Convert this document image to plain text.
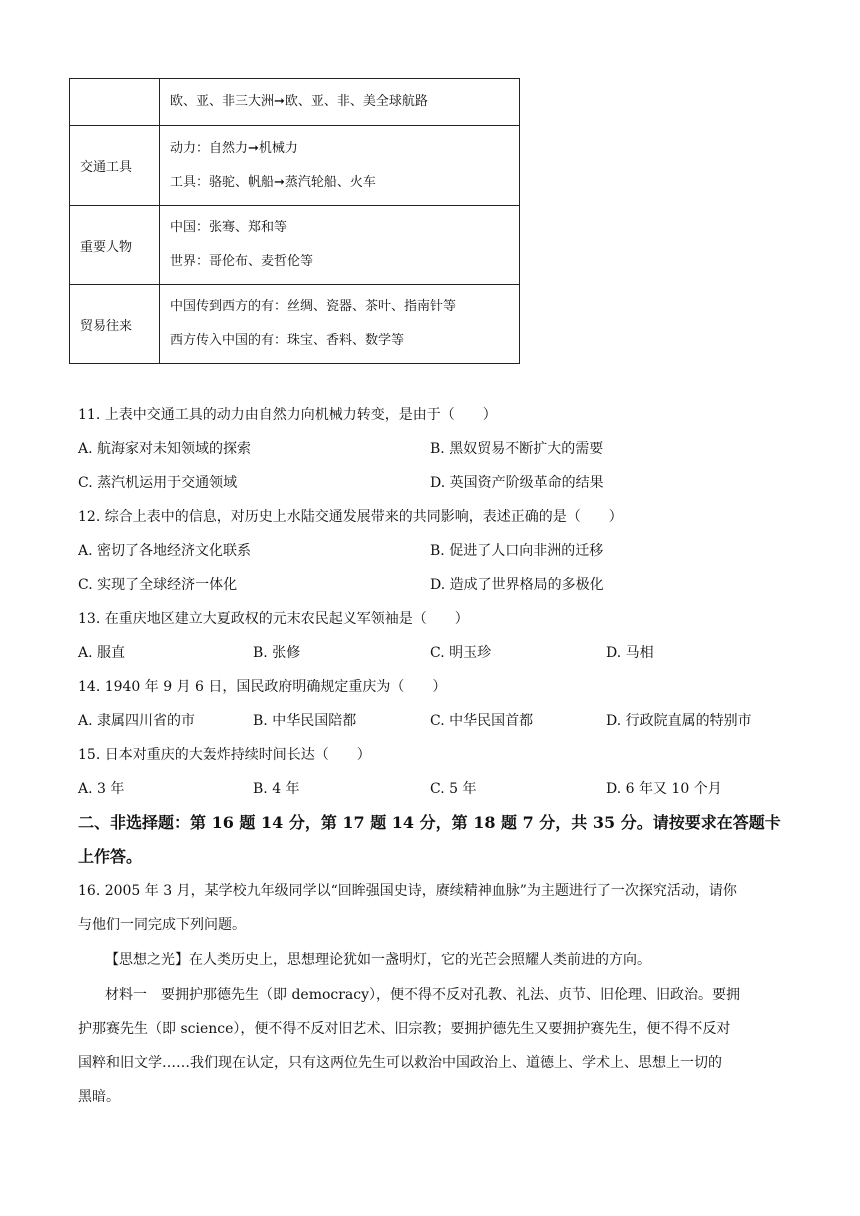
	欧、亚、非三大洲➞欧、亚、非、美全球航路

交通工具	动力：自然力➞机械力
工具：骆驼、帆船➞蒸汽轮船、火车

重要人物	中国：张骞、郑和等
世界：哥伦布、麦哲伦等

贸易往来	中国传到西方的有：丝绸、瓷器、茶叶、指南针等
西方传入中国的有：珠宝、香料、数学等
11. 上表中交通工具的动力由自然力向机械力转变，是由于（　　）
A. 航海家对未知领域的探索	B. 黑奴贸易不断扩大的需要
C. 蒸汽机运用于交通领域	D. 英国资产阶级革命的结果
12. 综合上表中的信息，对历史上水陆交通发展带来的共同影响，表述正确的是（　　）
A. 密切了各地经济文化联系	B. 促进了人口向非洲的迁移
C. 实现了全球经济一体化	D. 造成了世界格局的多极化
13. 在重庆地区建立大夏政权的元末农民起义军领袖是（　　）
A. 服直	B. 张修	C. 明玉珍	D. 马相
14. 1940 年 9 月 6 日，国民政府明确规定重庆为（　　）
A. 隶属四川省的市	B. 中华民国陪都	C. 中华民国首都	D. 行政院直属的特别市
15. 日本对重庆的大轰炸持续时间长达（　　）
A. 3 年	B. 4 年	C. 5 年	D. 6 年又 10 个月
二、非选择题：第 16 题 14 分，第 17 题 14 分，第 18 题 7 分，共 35 分。请按要求在答题卡
上作答。
16. 2005 年 3 月，某学校九年级同学以“回眸强国史诗，赓续精神血脉”为主题进行了一次探究活动，请你
与他们一同完成下列问题。
【思想之光】在人类历史上，思想理论犹如一盏明灯，它的光芒会照耀人类前进的方向。
材料一　要拥护那德先生（即 democracy），便不得不反对孔教、礼法、贞节、旧伦理、旧政治。要拥
护那赛先生（即 science），便不得不反对旧艺术、旧宗教；要拥护德先生又要拥护赛先生，便不得不反对
国粹和旧文学……我们现在认定，只有这两位先生可以救治中国政治上、道德上、学术上、思想上一切的
黑暗。
